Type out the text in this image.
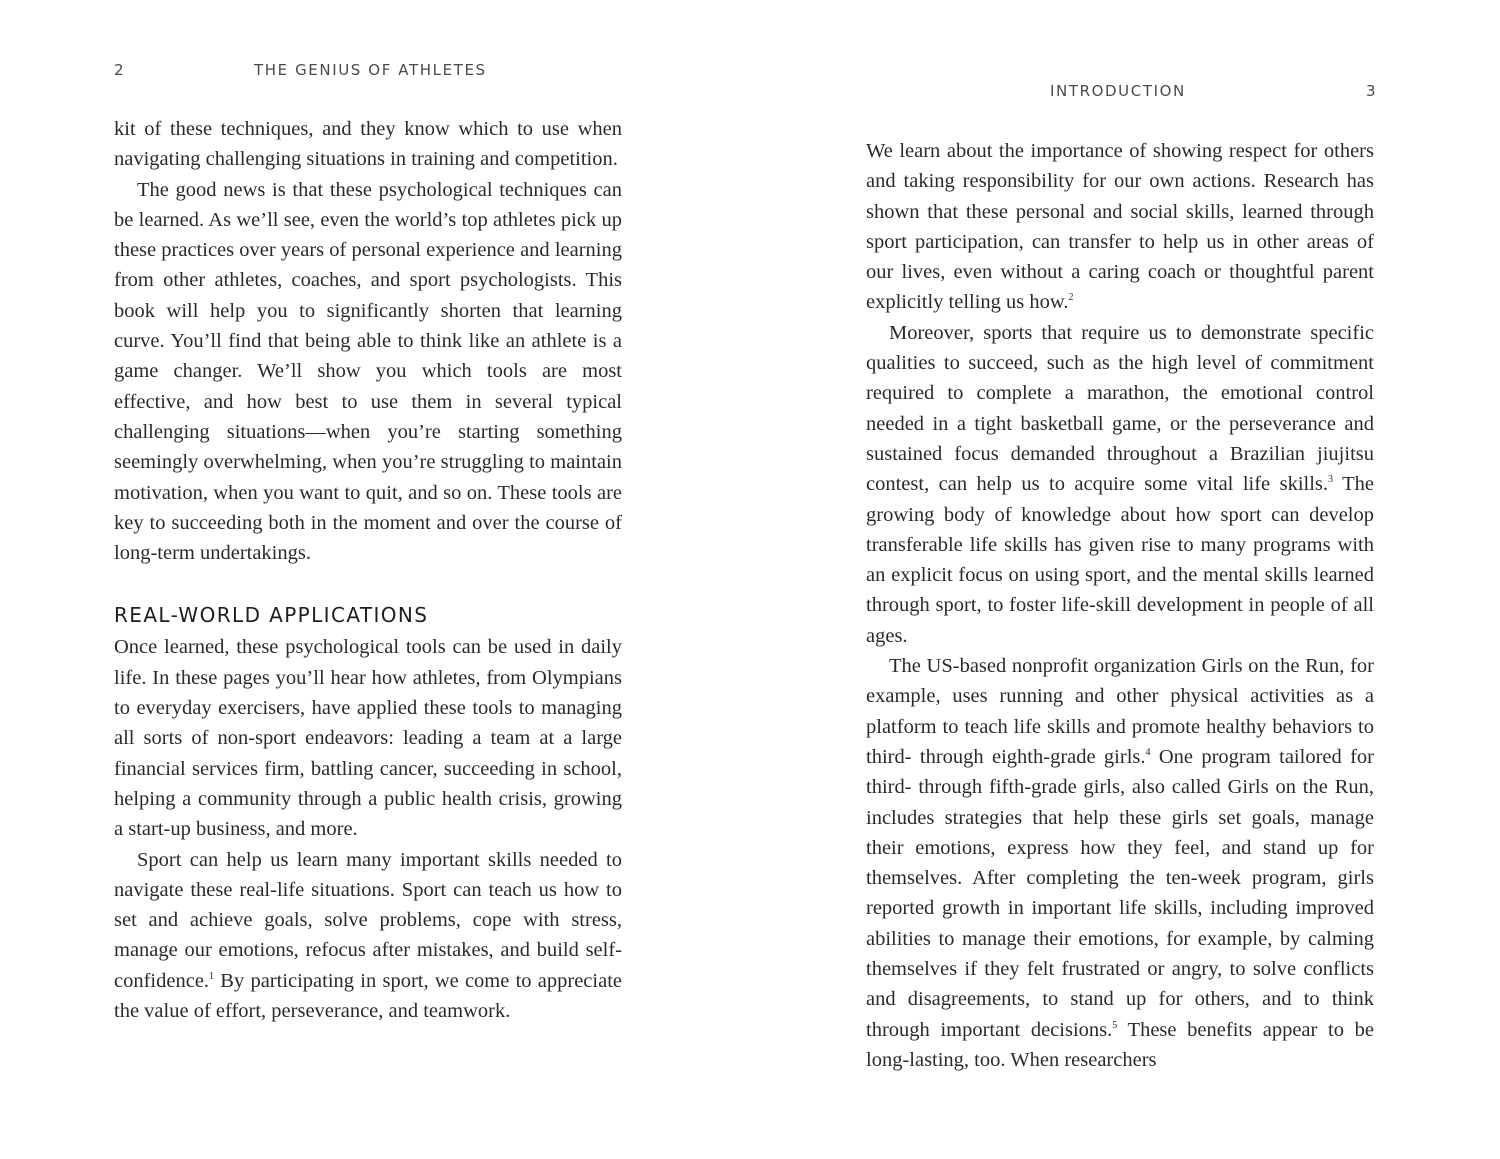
2	THE GENIUS OF ATHLETES

kit of these techniques, and they know which to use when navigating challenging situations in training and competition.

The good news is that these psychological techniques can be learned. As we’ll see, even the world’s top athletes pick up these practices over years of personal experience and learning from other athletes, coaches, and sport psychologists. This book will help you to significantly shorten that learning curve. You’ll find that being able to think like an athlete is a game changer. We’ll show you which tools are most effective, and how best to use them in several typical challenging situations—when you’re starting something seemingly overwhelming, when you’re struggling to maintain motivation, when you want to quit, and so on. These tools are key to succeeding both in the moment and over the course of long-term undertakings.

REAL-WORLD APPLICATIONS

Once learned, these psychological tools can be used in daily life. In these pages you’ll hear how athletes, from Olympians to everyday exercisers, have applied these tools to managing all sorts of non-sport endeavors: leading a team at a large financial services firm, battling cancer, succeeding in school, helping a community through a public health crisis, growing a start-up business, and more.

Sport can help us learn many important skills needed to navigate these real-life situations. Sport can teach us how to set and achieve goals, solve problems, cope with stress, manage our emotions, refocus after mistakes, and build self-confidence.$^1$ By participating in sport, we come to appreciate the value of effort, perseverance, and teamwork.

INTRODUCTION	3

We learn about the importance of showing respect for others and taking responsibility for our own actions. Research has shown that these personal and social skills, learned through sport participation, can transfer to help us in other areas of our lives, even without a caring coach or thoughtful parent explicitly telling us how.$^2$

Moreover, sports that require us to demonstrate specific qualities to succeed, such as the high level of commitment required to complete a marathon, the emotional control needed in a tight basketball game, or the perseverance and sustained focus demanded throughout a Brazilian jiujitsu contest, can help us to acquire some vital life skills.$^3$ The growing body of knowledge about how sport can develop transferable life skills has given rise to many programs with an explicit focus on using sport, and the mental skills learned through sport, to foster life-skill development in people of all ages.

The US-based nonprofit organization Girls on the Run, for example, uses running and other physical activities as a platform to teach life skills and promote healthy behaviors to third- through eighth-grade girls.$^4$ One program tailored for third- through fifth-grade girls, also called Girls on the Run, includes strategies that help these girls set goals, manage their emotions, express how they feel, and stand up for themselves. After completing the ten-week program, girls reported growth in important life skills, including improved abilities to manage their emotions, for example, by calming themselves if they felt frustrated or angry, to solve conflicts and disagreements, to stand up for others, and to think through important decisions.$^5$ These benefits appear to be long-lasting, too. When researchers
